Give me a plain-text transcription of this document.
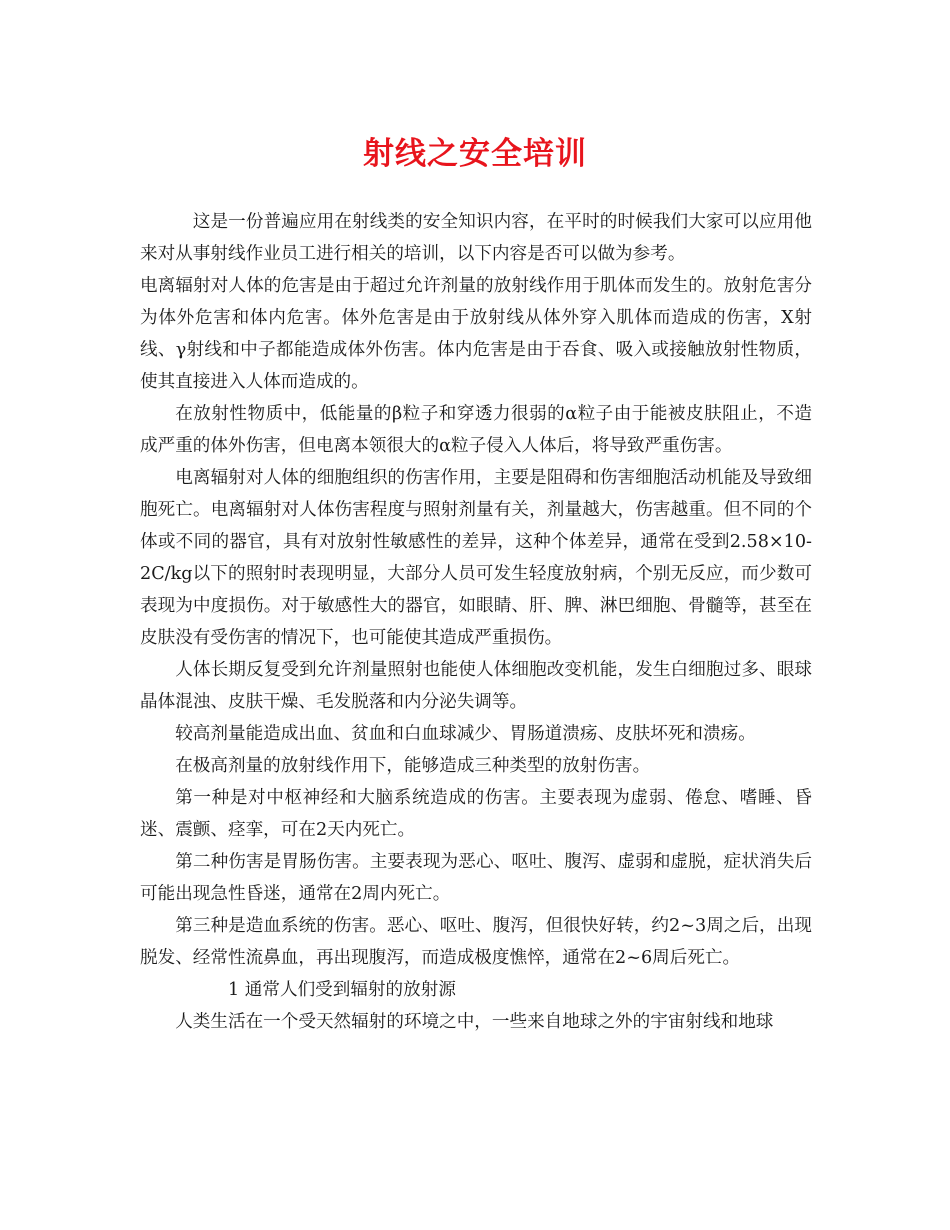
射线之安全培训

这是一份普遍应用在射线类的安全知识内容，在平时的时候我们大家可以应用他来对从事射线作业员工进行相关的培训，以下内容是否可以做为参考。

电离辐射对人体的危害是由于超过允许剂量的放射线作用于肌体而发生的。放射危害分为体外危害和体内危害。体外危害是由于放射线从体外穿入肌体而造成的伤害，X射线、γ射线和中子都能造成体外伤害。体内危害是由于吞食、吸入或接触放射性物质，使其直接进入人体而造成的。

在放射性物质中，低能量的β粒子和穿透力很弱的α粒子由于能被皮肤阻止，不造成严重的体外伤害，但电离本领很大的α粒子侵入人体后，将导致严重伤害。

电离辐射对人体的细胞组织的伤害作用，主要是阻碍和伤害细胞活动机能及导致细胞死亡。电离辐射对人体伤害程度与照射剂量有关，剂量越大，伤害越重。但不同的个体或不同的器官，具有对放射性敏感性的差异，这种个体差异，通常在受到2.58×10-2C/kg以下的照射时表现明显，大部分人员可发生轻度放射病，个别无反应，而少数可表现为中度损伤。对于敏感性大的器官，如眼睛、肝、脾、淋巴细胞、骨髓等，甚至在皮肤没有受伤害的情况下，也可能使其造成严重损伤。

人体长期反复受到允许剂量照射也能使人体细胞改变机能，发生白细胞过多、眼球晶体混浊、皮肤干燥、毛发脱落和内分泌失调等。

较高剂量能造成出血、贫血和白血球减少、胃肠道溃疡、皮肤坏死和溃疡。

在极高剂量的放射线作用下，能够造成三种类型的放射伤害。

第一种是对中枢神经和大脑系统造成的伤害。主要表现为虚弱、倦怠、嗜睡、昏迷、震颤、痉挛，可在2天内死亡。

第二种伤害是胃肠伤害。主要表现为恶心、呕吐、腹泻、虚弱和虚脱，症状消失后可能出现急性昏迷，通常在2周内死亡。

第三种是造血系统的伤害。恶心、呕吐、腹泻，但很快好转，约2~3周之后，出现脱发、经常性流鼻血，再出现腹泻，而造成极度憔悴，通常在2~6周后死亡。

1 通常人们受到辐射的放射源

人类生活在一个受天然辐射的环境之中，一些来自地球之外的宇宙射线和地球
